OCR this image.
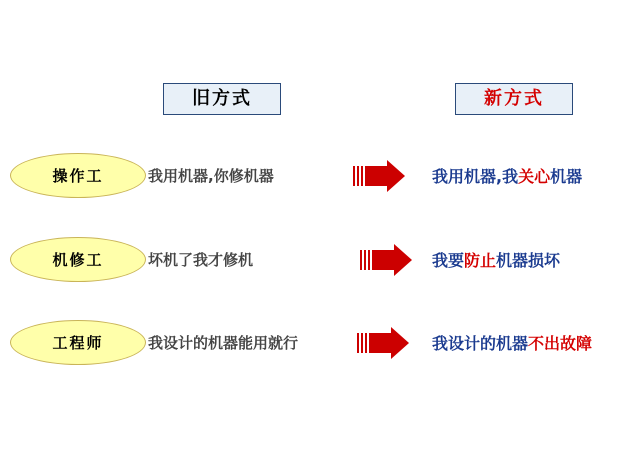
旧方式	新方式
操作工	我用机器,你修机器	我用机器,我 关心 机器
机修工	坏机了我才修机	我要 防止 机器损坏
工程师	我设计的机器能用就行	我设计的机器 不出故障
